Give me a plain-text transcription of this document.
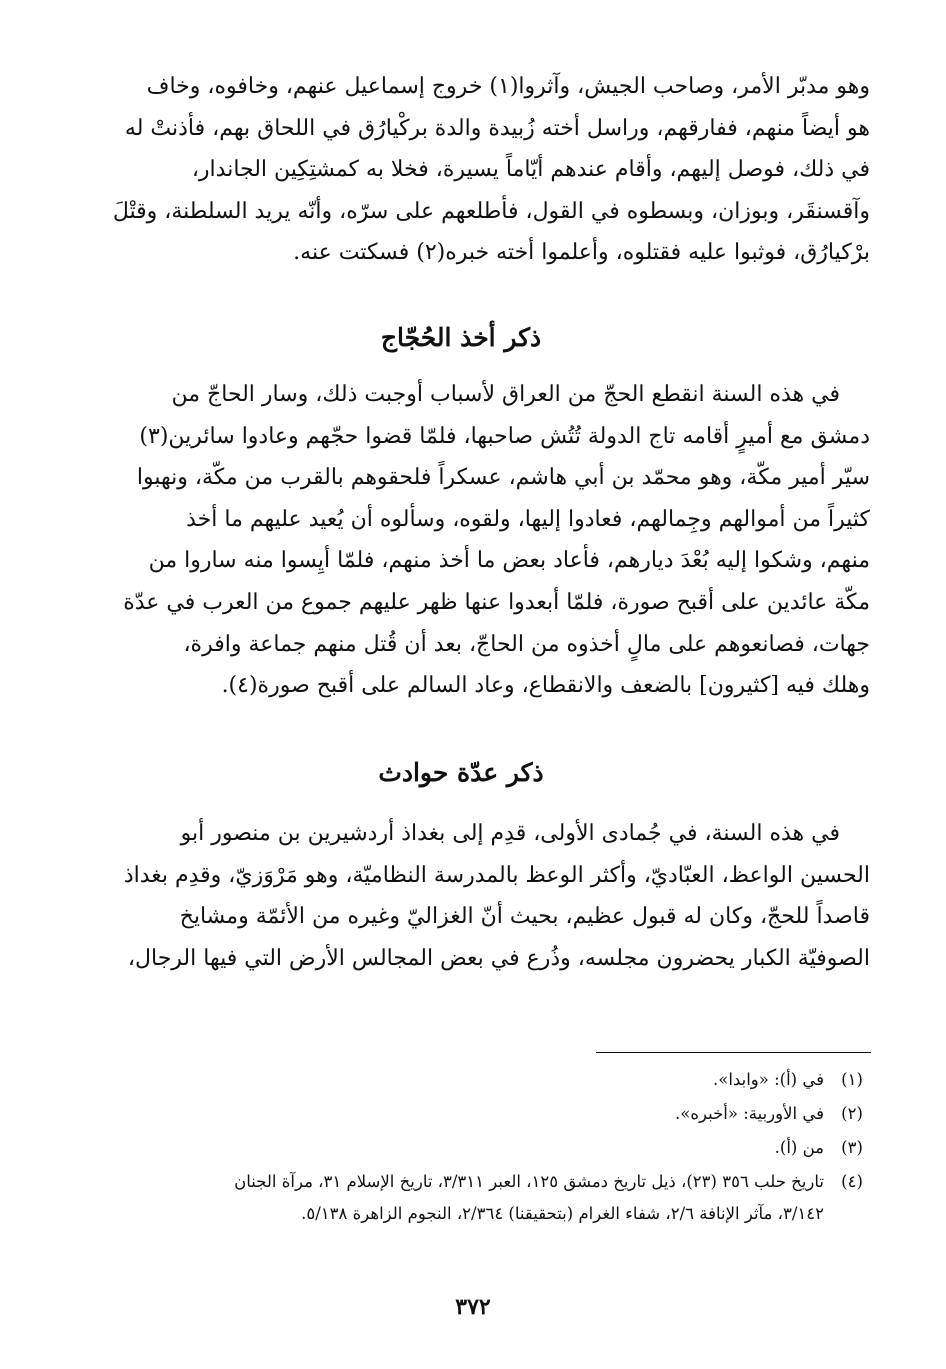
وهو مدبّر الأمر، وصاحب الجيش، وآثروا(١) خروج إسماعيل عنهم، وخافوه، وخاف
هو أيضاً منهم، ففارقهم، وراسل أخته زُبيدة والدة بركْيارُق في اللحاق بهم، فأذنتْ له
في ذلك، فوصل إليهم، وأقام عندهم أيّاماً يسيرة، فخلا به كمشتِكِين الجاندار،
وآقسنقَر، وبوزان، وبسطوه في القول، فأطلعهم على سرّه، وأنّه يريد السلطنة، وقتْلَ
برْكيارُق، فوثبوا عليه فقتلوه، وأعلموا أخته خبره(٢) فسكتت عنه.
ذكر أخذ الحُجّاج
في هذه السنة انقطع الحجّ من العراق لأسباب أوجبت ذلك، وسار الحاجّ من
دمشق مع أميرٍ أقامه تاج الدولة تُتُش صاحبها، فلمّا قضوا حجّهم وعادوا سائرين(٣)
سيّر أمير مكّة، وهو محمّد بن أبي هاشم، عسكراً فلحقوهم بالقرب من مكّة، ونهبوا
كثيراً من أموالهم وجِمالهم، فعادوا إليها، ولقوه، وسألوه أن يُعيد عليهم ما أخذ
منهم، وشكوا إليه بُعْدَ ديارهم، فأعاد بعض ما أخذ منهم، فلمّا أيِسوا منه ساروا من
مكّة عائدين على أقبح صورة، فلمّا أبعدوا عنها ظهر عليهم جموع من العرب في عدّة
جهات، فصانعوهم على مالٍ أخذوه من الحاجّ، بعد أن قُتل منهم جماعة وافرة،
وهلك فيه [كثيرون] بالضعف والانقطاع، وعاد السالم على أقبح صورة(٤).
ذكر عدّة حوادث
في هذه السنة، في جُمادى الأولى، قدِم إلى بغداذ أردشيرين بن منصور أبو
الحسين الواعظ، العبّاديّ، وأكثر الوعظ بالمدرسة النظاميّة، وهو مَرْوَزيّ، وقدِم بغداذ
قاصداً للحجّ، وكان له قبول عظيم، بحيث أنّ الغزاليّ وغيره من الأئمّة ومشايخ
الصوفيّة الكبار يحضرون مجلسه، وذُرع في بعض المجالس الأرض التي فيها الرجال،
(١)
في (أ): «وابدا».
(٢)
في الأوربية: «أخبره».
(٣)
من (أ).
(٤)
تاريخ حلب ٣٥٦ (٢٣)، ذيل تاريخ دمشق ١٢٥، العبر ٣/٣١١، تاريخ الإسلام ٣١، مرآة الجنان
٣/١٤٢، مآثر الإنافة ٢/٦، شفاء الغرام (بتحقيقنا) ٢/٣٦٤، النجوم الزاهرة ٥/١٣٨.
٣٧٢
